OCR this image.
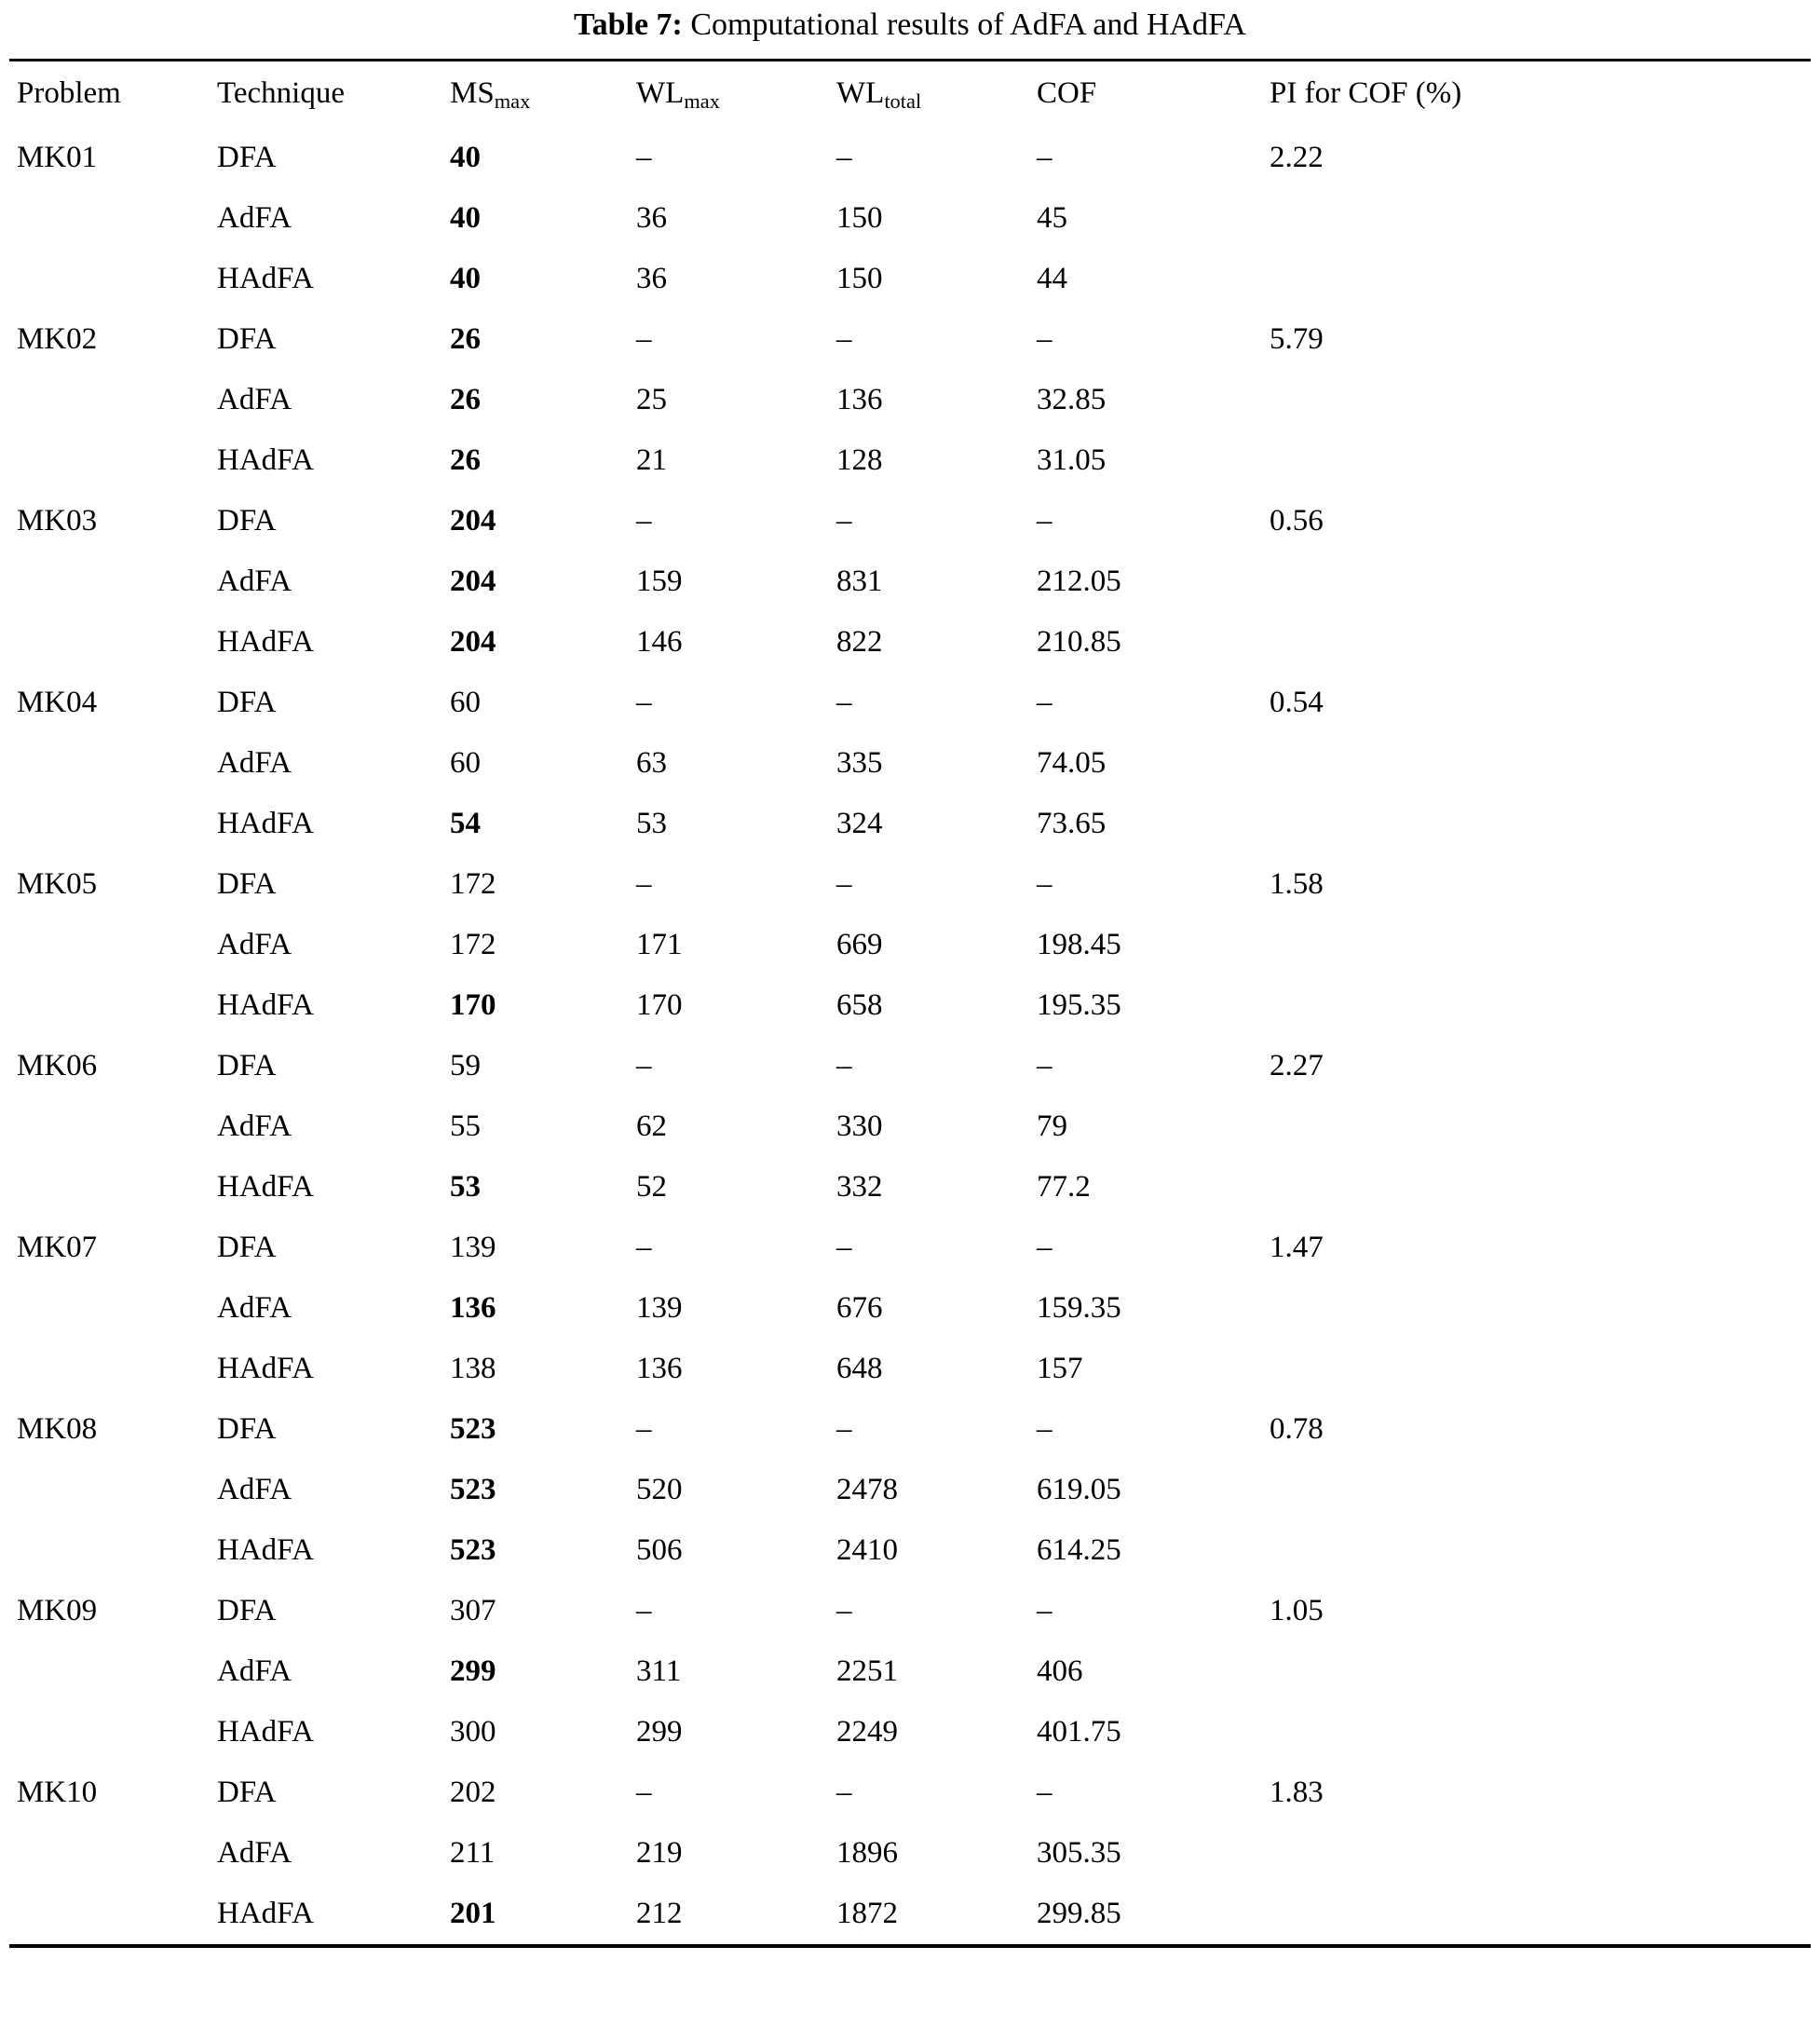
Table 7: Computational results of AdFA and HAdFA
Problem	Technique	$MS_{max}$	$WL_{max}$	$WL_{total}$	COF	PI for COF (%)
MK01	DFA	40	–	–	–	2.22
	AdFA	40	36	150	45	
	HAdFA	40	36	150	44	
MK02	DFA	26	–	–	–	5.79
	AdFA	26	25	136	32.85	
	HAdFA	26	21	128	31.05	
MK03	DFA	204	–	–	–	0.56
	AdFA	204	159	831	212.05	
	HAdFA	204	146	822	210.85	
MK04	DFA	60	–	–	–	0.54
	AdFA	60	63	335	74.05	
	HAdFA	54	53	324	73.65	
MK05	DFA	172	–	–	–	1.58
	AdFA	172	171	669	198.45	
	HAdFA	170	170	658	195.35	
MK06	DFA	59	–	–	–	2.27
	AdFA	55	62	330	79	
	HAdFA	53	52	332	77.2	
MK07	DFA	139	–	–	–	1.47
	AdFA	136	139	676	159.35	
	HAdFA	138	136	648	157	
MK08	DFA	523	–	–	–	0.78
	AdFA	523	520	2478	619.05	
	HAdFA	523	506	2410	614.25	
MK09	DFA	307	–	–	–	1.05
	AdFA	299	311	2251	406	
	HAdFA	300	299	2249	401.75	
MK10	DFA	202	–	–	–	1.83
	AdFA	211	219	1896	305.35	
	HAdFA	201	212	1872	299.85	
